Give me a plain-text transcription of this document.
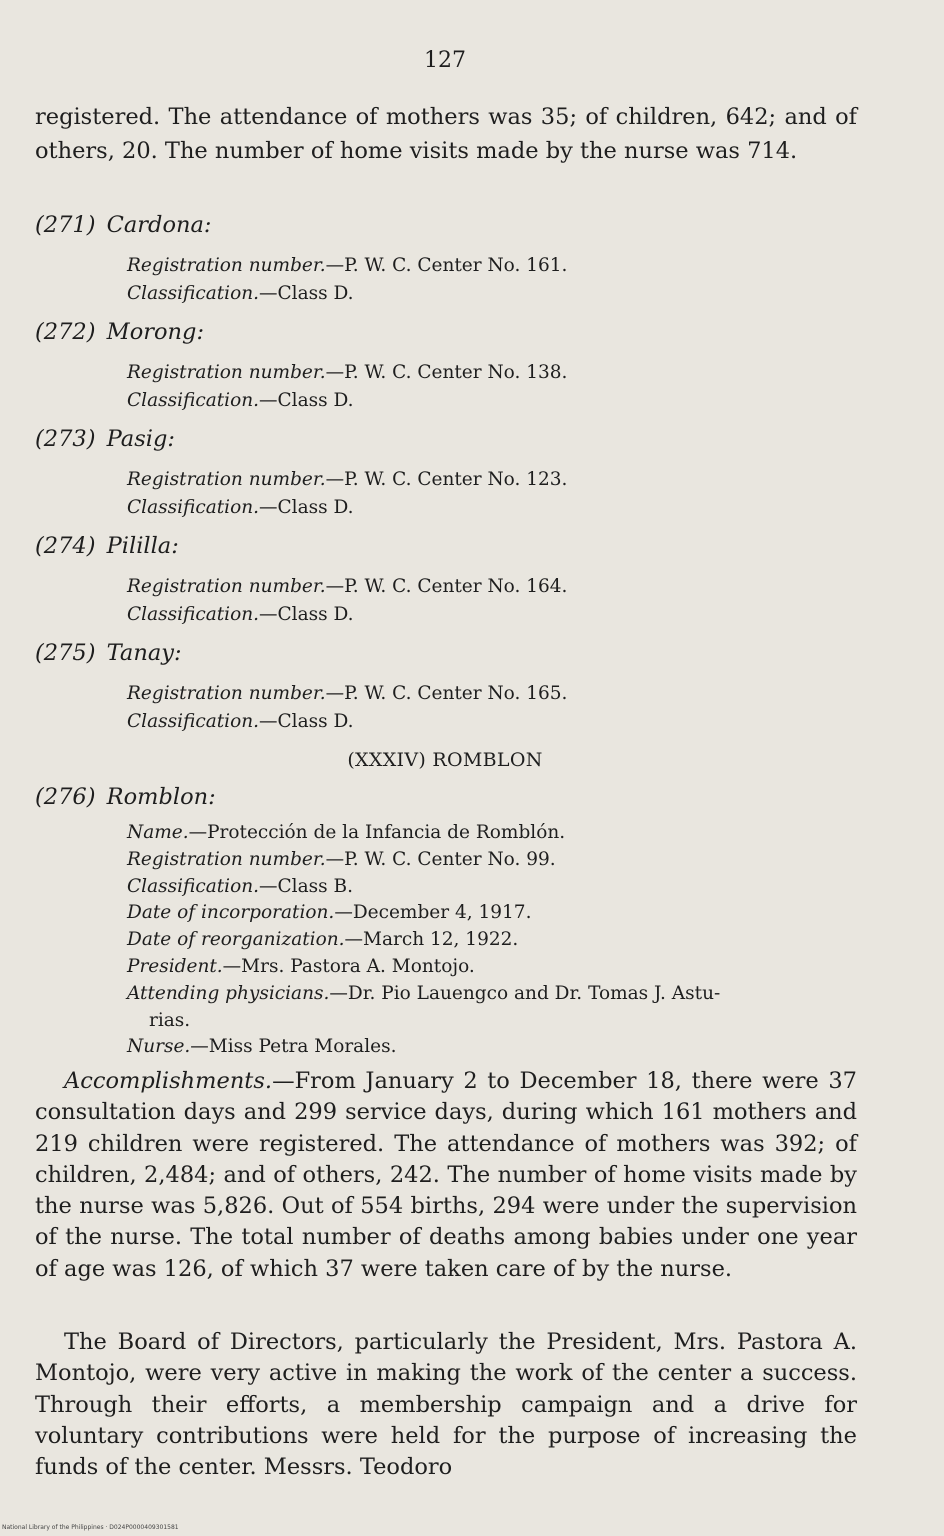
127
registered. The attendance of mothers was 35; of children, 642; and of others, 20. The number of home visits made by the nurse was 714.
(271) Cardona:
Registration number.—P. W. C. Center No. 161.
Classification.—Class D.
(272) Morong:
Registration number.—P. W. C. Center No. 138.
Classification.—Class D.
(273) Pasig:
Registration number.—P. W. C. Center No. 123.
Classification.—Class D.
(274) Pililla:
Registration number.—P. W. C. Center No. 164.
Classification.—Class D.
(275) Tanay:
Registration number.—P. W. C. Center No. 165.
Classification.—Class D.
(XXXIV) ROMBLON
(276) Romblon:
Name.—Protección de la Infancia de Romblón.
Registration number.—P. W. C. Center No. 99.
Classification.—Class B.
Date of incorporation.—December 4, 1917.
Date of reorganization.—March 12, 1922.
President.—Mrs. Pastora A. Montojo.
Attending physicians.—Dr. Pio Lauengco and Dr. Tomas J. Astu-
rias.
Nurse.—Miss Petra Morales.
Accomplishments.—From January 2 to December 18, there were 37 consultation days and 299 service days, during which 161 mothers and 219 children were registered. The attendance of mothers was 392; of children, 2,484; and of others, 242. The number of home visits made by the nurse was 5,826. Out of 554 births, 294 were under the supervision of the nurse. The total number of deaths among babies under one year of age was 126, of which 37 were taken care of by the nurse.
The Board of Directors, particularly the President, Mrs. Pastora A. Montojo, were very active in making the work of the center a success. Through their efforts, a membership campaign and a drive for voluntary contributions were held for the purpose of increasing the funds of the center. Messrs. Teodoro
National Library of the Philippines · D024P0000409301581
